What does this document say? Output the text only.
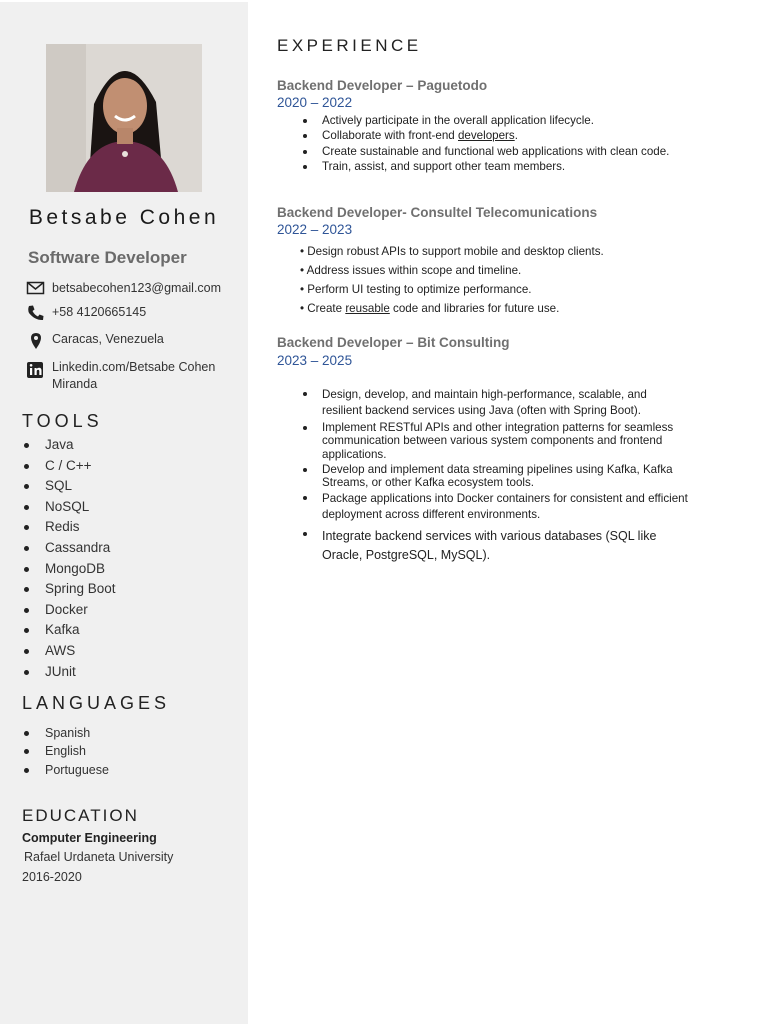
Betsabe Cohen
Software Developer
betsabecohen123@gmail.com
+58 4120665145
Caracas, Venezuela
Linkedin.com/Betsabe Cohen Miranda
TOOLS
Java
C / C++
SQL
NoSQL
Redis
Cassandra
MongoDB
Spring Boot
Docker
Kafka
AWS
JUnit
LANGUAGES
Spanish
English
Portuguese
EDUCATION
Computer Engineering
Rafael Urdaneta University
2016-2020
EXPERIENCE
Backend Developer – Paguetodo
2020 – 2022
Actively participate in the overall application lifecycle.
Collaborate with front-end developers.
Create sustainable and functional web applications with clean code.
Train, assist, and support other team members.
Backend Developer- Consultel Telecomunications
2022 – 2023
• Design robust APIs to support mobile and desktop clients.
• Address issues within scope and timeline.
• Perform UI testing to optimize performance.
• Create reusable code and libraries for future use.
Backend Developer – Bit Consulting
2023 – 2025
Design, develop, and maintain high-performance, scalable, and resilient backend services using Java (often with Spring Boot).
Implement RESTful APIs and other integration patterns for seamless communication between various system components and frontend applications.
Develop and implement data streaming pipelines using Kafka, Kafka Streams, or other Kafka ecosystem tools.
Package applications into Docker containers for consistent and efficient deployment across different environments.
Integrate backend services with various databases (SQL like Oracle, PostgreSQL, MySQL).
